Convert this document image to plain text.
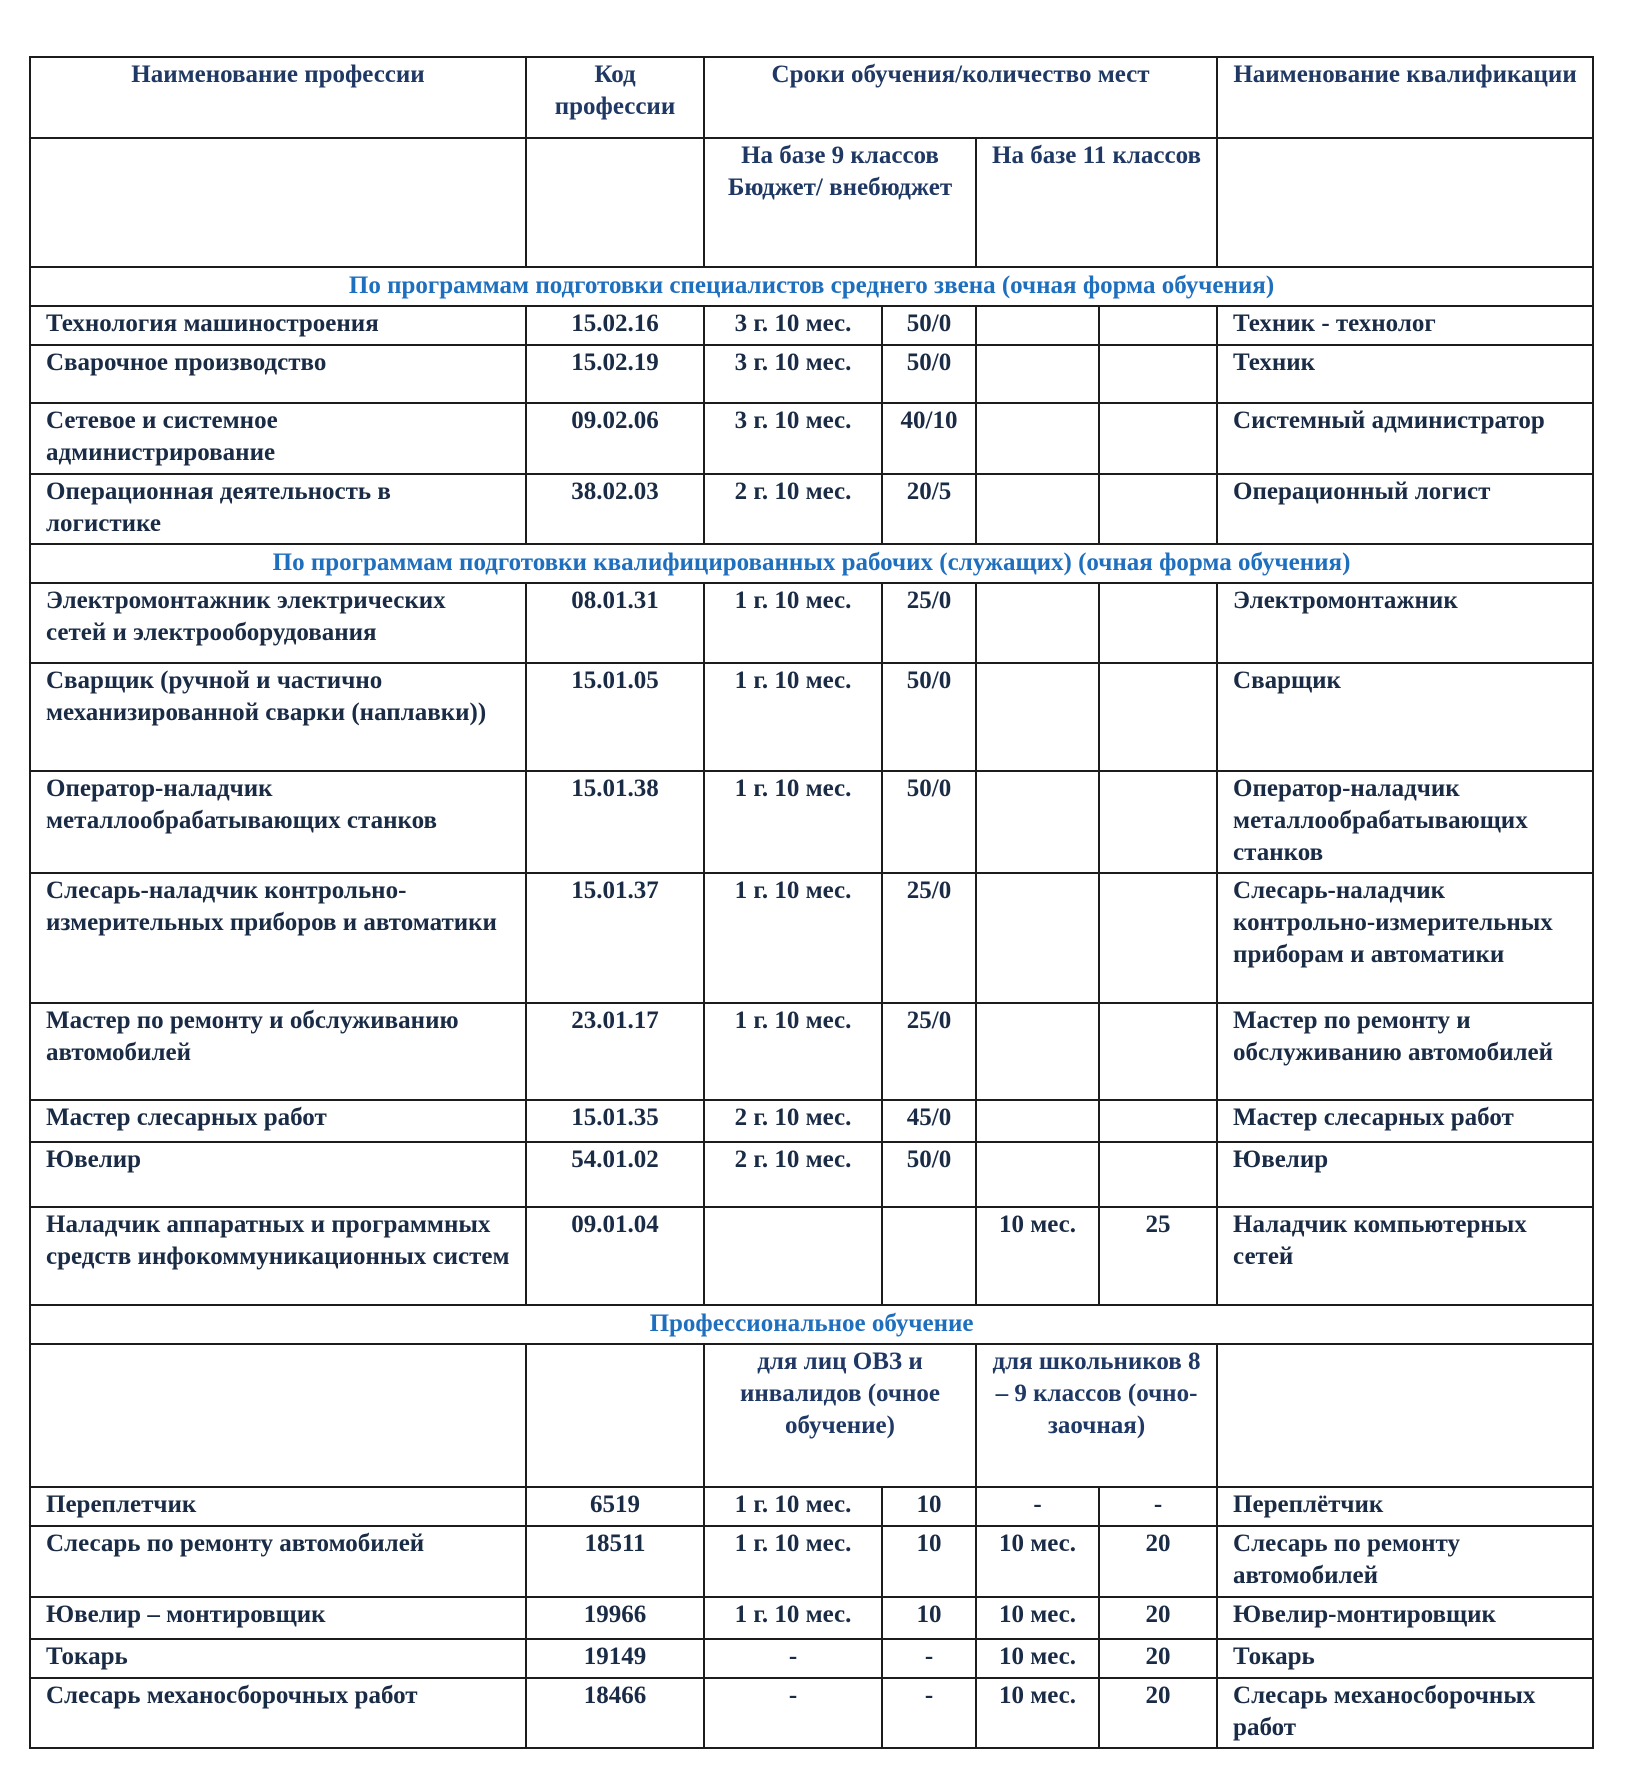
Наименование профессии	Код профессии	Сроки обучения/количество мест				Наименование квалификации
		На базе 9 классов Бюджет/ внебюджет		На базе 11 классов		
По программам подготовки специалистов среднего звена (очная форма обучения)						
Технология машиностроения	15.02.16	3 г. 10 мес.	50/0			Техник - технолог
Сварочное производство	15.02.19	3 г. 10 мес.	50/0			Техник
Сетевое и системное администрирование	09.02.06	3 г. 10 мес.	40/10			Системный администратор
Операционная деятельность в логистике	38.02.03	2 г. 10 мес.	20/5			Операционный логист
По программам подготовки квалифицированных рабочих (служащих) (очная форма обучения)						
Электромонтажник электрических сетей и электрооборудования	08.01.31	1 г. 10 мес.	25/0			Электромонтажник
Сварщик (ручной и частично механизированной сварки (наплавки))	15.01.05	1 г. 10 мес.	50/0			Сварщик
Оператор-наладчик металлообрабатывающих станков	15.01.38	1 г. 10 мес.	50/0			Оператор-наладчик металлообрабатывающих станков
Слесарь-наладчик контрольно-измерительных приборов и автоматики	15.01.37	1 г. 10 мес.	25/0			Слесарь-наладчик контрольно-измерительных приборам и автоматики
Мастер по ремонту и обслуживанию автомобилей	23.01.17	1 г. 10 мес.	25/0			Мастер по ремонту и обслуживанию автомобилей
Мастер слесарных работ	15.01.35	2 г. 10 мес.	45/0			Мастер слесарных работ
Ювелир	54.01.02	2 г. 10 мес.	50/0			Ювелир
Наладчик аппаратных и программных средств инфокоммуникационных систем	09.01.04			10 мес.	25	Наладчик компьютерных сетей
Профессиональное обучение						
		для лиц ОВЗ и инвалидов (очное обучение)		для школьников 8 – 9 классов (очно-заочная)		
Переплетчик	6519	1 г. 10 мес.	10	-	-	Переплётчик
Слесарь по ремонту автомобилей	18511	1 г. 10 мес.	10	10 мес.	20	Слесарь по ремонту автомобилей
Ювелир – монтировщик	19966	1 г. 10 мес.	10	10 мес.	20	Ювелир-монтировщик
Токарь	19149	-	-	10 мес.	20	Токарь
Слесарь механосборочных работ	18466	-	-	10 мес.	20	Слесарь механосборочных работ
